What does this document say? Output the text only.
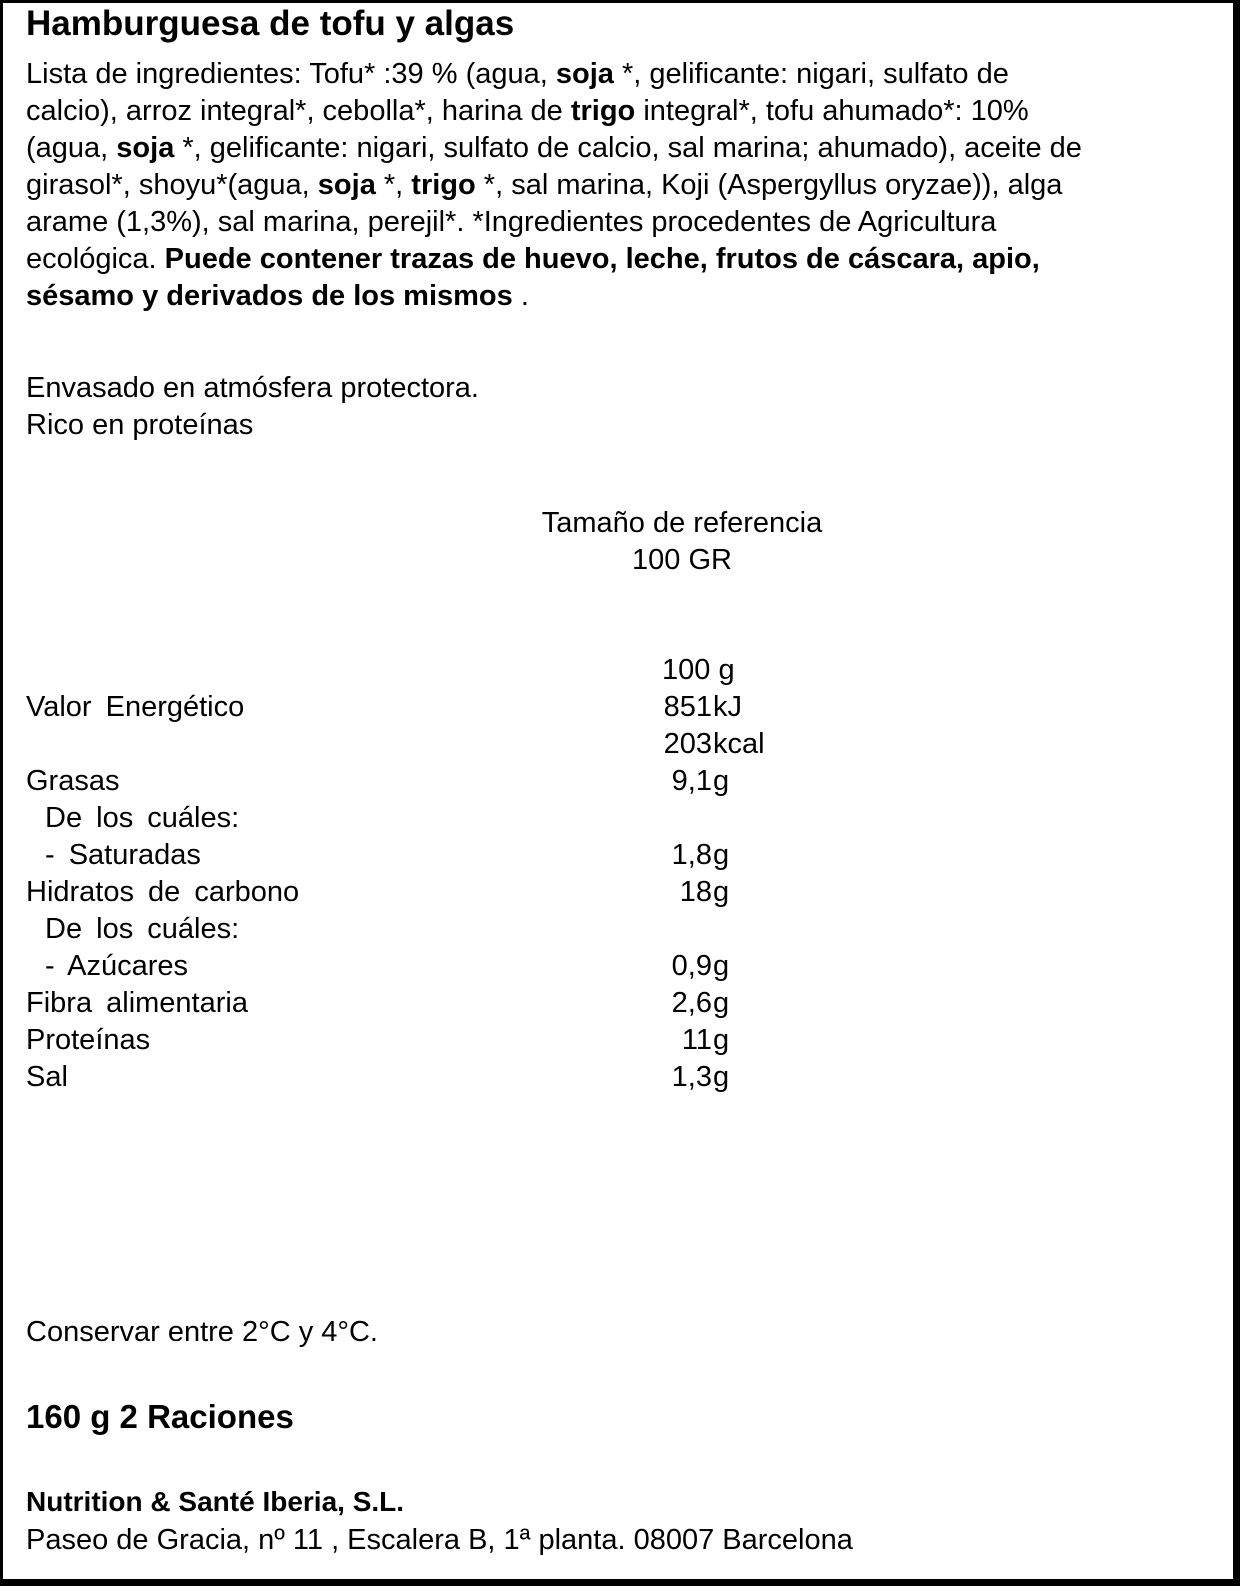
Hamburguesa de tofu y algas
Lista de ingredientes: Tofu* :39 % (agua, soja *, gelificante: nigari, sulfato de
calcio), arroz integral*, cebolla*, harina de trigo integral*, tofu ahumado*: 10%
(agua, soja *, gelificante: nigari, sulfato de calcio, sal marina; ahumado), aceite de
girasol*, shoyu*(agua, soja *, trigo *, sal marina, Koji (Aspergyllus oryzae)), alga
arame (1,3%), sal marina, perejil*. *Ingredientes procedentes de Agricultura
ecológica. Puede contener trazas de huevo, leche, frutos de cáscara, apio,
sésamo y derivados de los mismos .
Envasado en atmósfera protectora.
Rico en proteínas
Tamaño de referencia
100 GR
100 g
Valor Energético	851 kJ
203 kcal
Grasas	9,1 g
De los cuáles:
- Saturadas	1,8 g
Hidratos de carbono	18 g
De los cuáles:
- Azúcares	0,9 g
Fibra alimentaria	2,6 g
Proteínas	11 g
Sal	1,3 g
Conservar entre 2°C y 4°C.
160 g 2 Raciones
Nutrition & Santé Iberia, S.L.
Paseo de Gracia, nº 11 , Escalera B, 1ª planta. 08007 Barcelona
